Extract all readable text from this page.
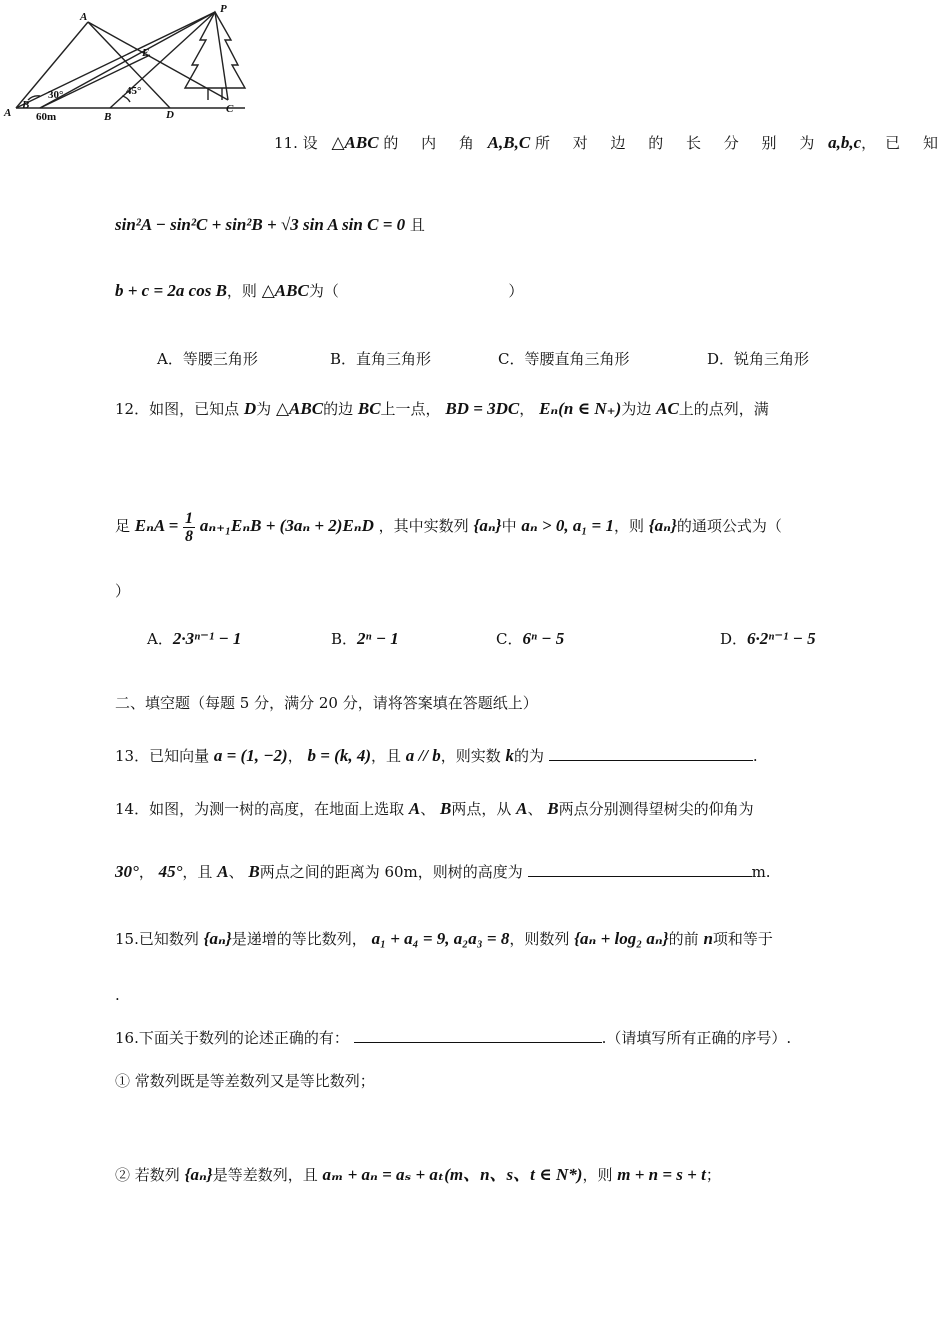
A
P
E
30°	45°
A
B
60m	B	D	C
11. 设 △ABC 的 内 角 A,B,C 所 对 边 的 长 分 别 为 a,b,c，已 知
sin²A − sin²C + sin²B + √3 sin A sin C = 0 且
b + c = 2a cos B，则 △ABC为（	）
A．等腰三角形	B．直角三角形	C．等腰直角三角形	D．锐角三角形
12．如图，已知点 D为 △ABC的边 BC上一点， BD = 3DC， Eₙ(n ∈ N₊)为边 AC上的点列，满
足 $E_nA = \frac{1}{8} a_{n+1}E_nB + (3a_n + 2)E_nD$ ，其中实数列 {aₙ}中 aₙ > 0, a₁ = 1，则 {aₙ}的通项公式为（
）
A．2·3ⁿ⁻¹ − 1	B．2ⁿ − 1	C．6ⁿ − 5	D．6·2ⁿ⁻¹ − 5
二、填空题（每题 5 分，满分 20 分，请将答案填在答题纸上）
13．已知向量 a = (1, −2)， b = (k, 4)，且 a // b，则实数 k的为	.
14．如图，为测一树的高度，在地面上选取 A、 B两点，从 A、 B两点分别测得望树尖的仰角为
30°， 45°，且 A、 B两点之间的距离为 60m，则树的高度为	m.
15.已知数列 {aₙ}是递增的等比数列， a₁ + a₄ = 9, a₂a₃ = 8，则数列 {aₙ + log₂ aₙ}的前 n项和等于
.
16.下面关于数列的论述正确的有：	.（请填写所有正确的序号）.
① 常数列既是等差数列又是等比数列；
② 若数列 {aₙ}是等差数列，且 aₘ + aₙ = aₛ + aₜ(m、n、s、t ∈ N*)，则 m + n = s + t；
